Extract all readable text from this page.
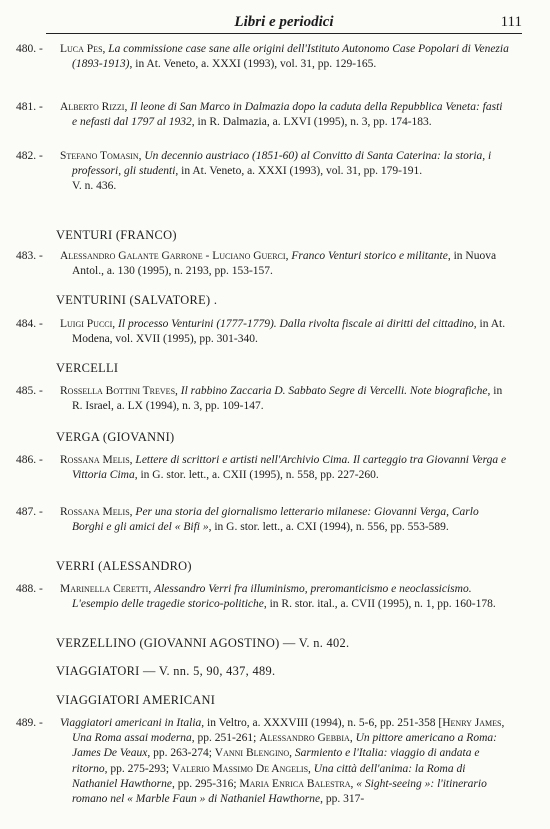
Libri e periodici	111
480. -	Luca Pes, La commissione case sane alle origini dell'Istituto Autonomo Case Popolari di Venezia (1893-1913), in At. Veneto, a. XXXI (1993), vol. 31, pp. 129-165.
481. -	Alberto Rizzi, Il leone di San Marco in Dalmazia dopo la caduta della Repubblica Veneta: fasti e nefasti dal 1797 al 1932, in R. Dalmazia, a. LXVI (1995), n. 3, pp. 174-183.
482. -	Stefano Tomasin, Un decennio austriaco (1851-60) al Convitto di Santa Caterina: la storia, i professori, gli studenti, in At. Veneto, a. XXXI (1993), vol. 31, pp. 179-191.
V. n. 436.
VENTURI (FRANCO)
483. -	Alessandro Galante Garrone - Luciano Guerci, Franco Venturi storico e militante, in Nuova Antol., a. 130 (1995), n. 2193, pp. 153-157.
VENTURINI (SALVATORE) .
484. -	Luigi Pucci, Il processo Venturini (1777-1779). Dalla rivolta fiscale ai diritti del cittadino, in At. Modena, vol. XVII (1995), pp. 301-340.
VERCELLI
485. -	Rossella Bottini Treves, Il rabbino Zaccaria D. Sabbato Segre di Vercelli. Note biografiche, in R. Israel, a. LX (1994), n. 3, pp. 109-147.
VERGA (GIOVANNI)
486. -	Rossana Melis, Lettere di scrittori e artisti nell'Archivio Cima. Il carteggio tra Giovanni Verga e Vittoria Cima, in G. stor. lett., a. CXII (1995), n. 558, pp. 227-260.
487. -	Rossana Melis, Per una storia del giornalismo letterario milanese: Giovanni Verga, Carlo Borghi e gli amici del « Bifi », in G. stor. lett., a. CXI (1994), n. 556, pp. 553-589.
VERRI (ALESSANDRO)
488. -	Marinella Ceretti, Alessandro Verri fra illuminismo, preromanticismo e neoclassicismo. L'esempio delle tragedie storico-politiche, in R. stor. ital., a. CVII (1995), n. 1, pp. 160-178.
VERZELLINO (GIOVANNI AGOSTINO) — V. n. 402.
VIAGGIATORI — V. nn. 5, 90, 437, 489.
VIAGGIATORI AMERICANI
489. -	Viaggiatori americani in Italia, in Veltro, a. XXXVIII (1994), n. 5-6, pp. 251-358 [Henry James, Una Roma assai moderna, pp. 251-261; Alessandro Gebbia, Un pittore americano a Roma: James De Veaux, pp. 263-274; Vanni Blengino, Sarmiento e l'Italia: viaggio di andata e ritorno, pp. 275-293; Valerio Massimo De Angelis, Una città dell'anima: la Roma di Nathaniel Hawthorne, pp. 295-316; Maria Enrica Balestra, « Sight-seeing »: l'itinerario romano nel « Marble Faun » di Nathaniel Hawthorne, pp. 317-
